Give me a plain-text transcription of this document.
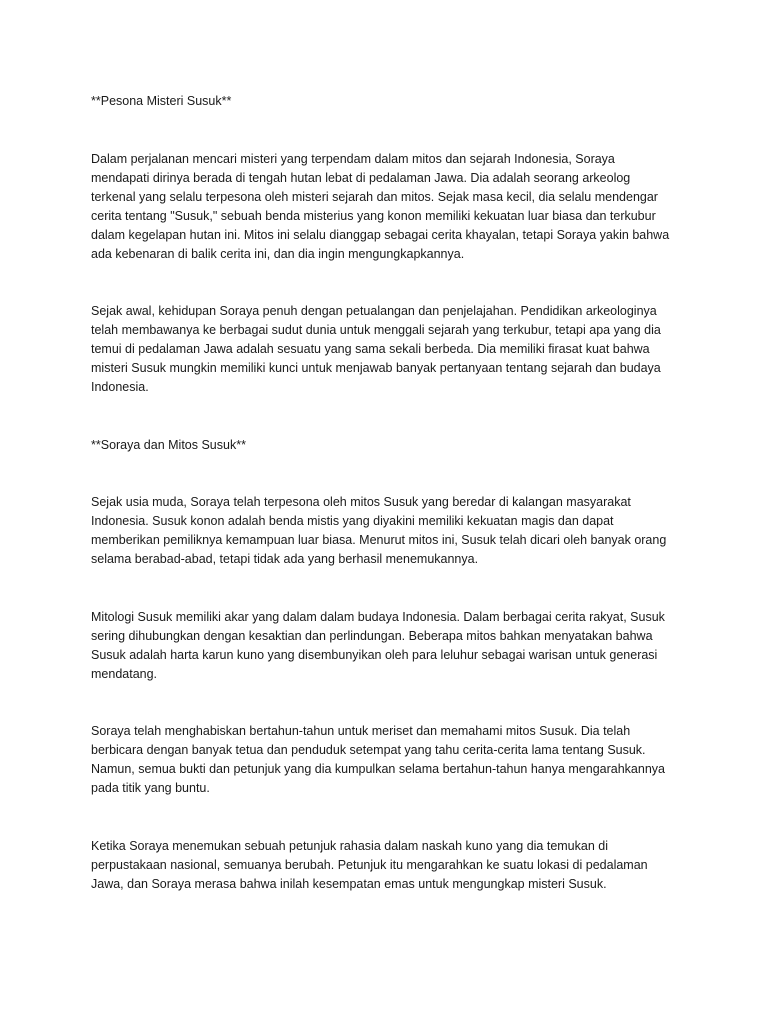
**Pesona Misteri Susuk**

Dalam perjalanan mencari misteri yang terpendam dalam mitos dan sejarah Indonesia, Soraya
mendapati dirinya berada di tengah hutan lebat di pedalaman Jawa. Dia adalah seorang arkeolog
terkenal yang selalu terpesona oleh misteri sejarah dan mitos. Sejak masa kecil, dia selalu mendengar
cerita tentang "Susuk," sebuah benda misterius yang konon memiliki kekuatan luar biasa dan terkubur
dalam kegelapan hutan ini. Mitos ini selalu dianggap sebagai cerita khayalan, tetapi Soraya yakin bahwa
ada kebenaran di balik cerita ini, dan dia ingin mengungkapkannya.

Sejak awal, kehidupan Soraya penuh dengan petualangan dan penjelajahan. Pendidikan arkeologinya
telah membawanya ke berbagai sudut dunia untuk menggali sejarah yang terkubur, tetapi apa yang dia
temui di pedalaman Jawa adalah sesuatu yang sama sekali berbeda. Dia memiliki firasat kuat bahwa
misteri Susuk mungkin memiliki kunci untuk menjawab banyak pertanyaan tentang sejarah dan budaya
Indonesia.

**Soraya dan Mitos Susuk**

Sejak usia muda, Soraya telah terpesona oleh mitos Susuk yang beredar di kalangan masyarakat
Indonesia. Susuk konon adalah benda mistis yang diyakini memiliki kekuatan magis dan dapat
memberikan pemiliknya kemampuan luar biasa. Menurut mitos ini, Susuk telah dicari oleh banyak orang
selama berabad-abad, tetapi tidak ada yang berhasil menemukannya.

Mitologi Susuk memiliki akar yang dalam dalam budaya Indonesia. Dalam berbagai cerita rakyat, Susuk
sering dihubungkan dengan kesaktian dan perlindungan. Beberapa mitos bahkan menyatakan bahwa
Susuk adalah harta karun kuno yang disembunyikan oleh para leluhur sebagai warisan untuk generasi
mendatang.

Soraya telah menghabiskan bertahun-tahun untuk meriset dan memahami mitos Susuk. Dia telah
berbicara dengan banyak tetua dan penduduk setempat yang tahu cerita-cerita lama tentang Susuk.
Namun, semua bukti dan petunjuk yang dia kumpulkan selama bertahun-tahun hanya mengarahkannya
pada titik yang buntu.

Ketika Soraya menemukan sebuah petunjuk rahasia dalam naskah kuno yang dia temukan di
perpustakaan nasional, semuanya berubah. Petunjuk itu mengarahkan ke suatu lokasi di pedalaman
Jawa, dan Soraya merasa bahwa inilah kesempatan emas untuk mengungkap misteri Susuk.
